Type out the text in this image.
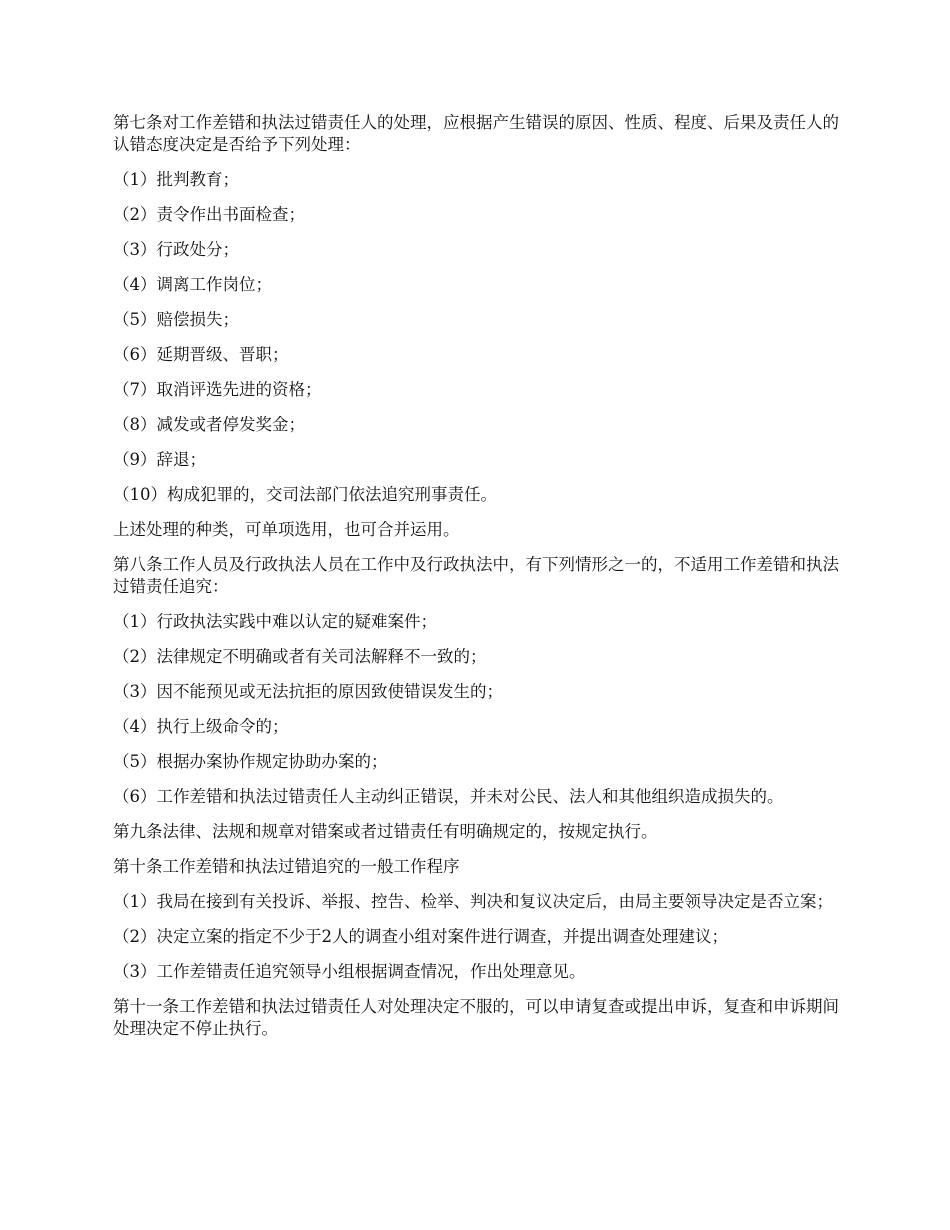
第七条对工作差错和执法过错责任人的处理，应根据产生错误的原因、性质、程度、后果及责任人的认错态度决定是否给予下列处理：

（1）批判教育；

（2）责令作出书面检查；

（3）行政处分；

（4）调离工作岗位；

（5）赔偿损失；

（6）延期晋级、晋职；

（7）取消评选先进的资格；

（8）减发或者停发奖金；

（9）辞退；

（10）构成犯罪的，交司法部门依法追究刑事责任。

上述处理的种类，可单项选用，也可合并运用。

第八条工作人员及行政执法人员在工作中及行政执法中，有下列情形之一的，不适用工作差错和执法过错责任追究：

（1）行政执法实践中难以认定的疑难案件；

（2）法律规定不明确或者有关司法解释不一致的；

（3）因不能预见或无法抗拒的原因致使错误发生的；

（4）执行上级命令的；

（5）根据办案协作规定协助办案的；

（6）工作差错和执法过错责任人主动纠正错误，并未对公民、法人和其他组织造成损失的。

第九条法律、法规和规章对错案或者过错责任有明确规定的，按规定执行。

第十条工作差错和执法过错追究的一般工作程序

（1）我局在接到有关投诉、举报、控告、检举、判决和复议决定后，由局主要领导决定是否立案；

（2）决定立案的指定不少于2人的调查小组对案件进行调查，并提出调查处理建议；

（3）工作差错责任追究领导小组根据调查情况，作出处理意见。

第十一条工作差错和执法过错责任人对处理决定不服的，可以申请复查或提出申诉，复查和申诉期间处理决定不停止执行。
